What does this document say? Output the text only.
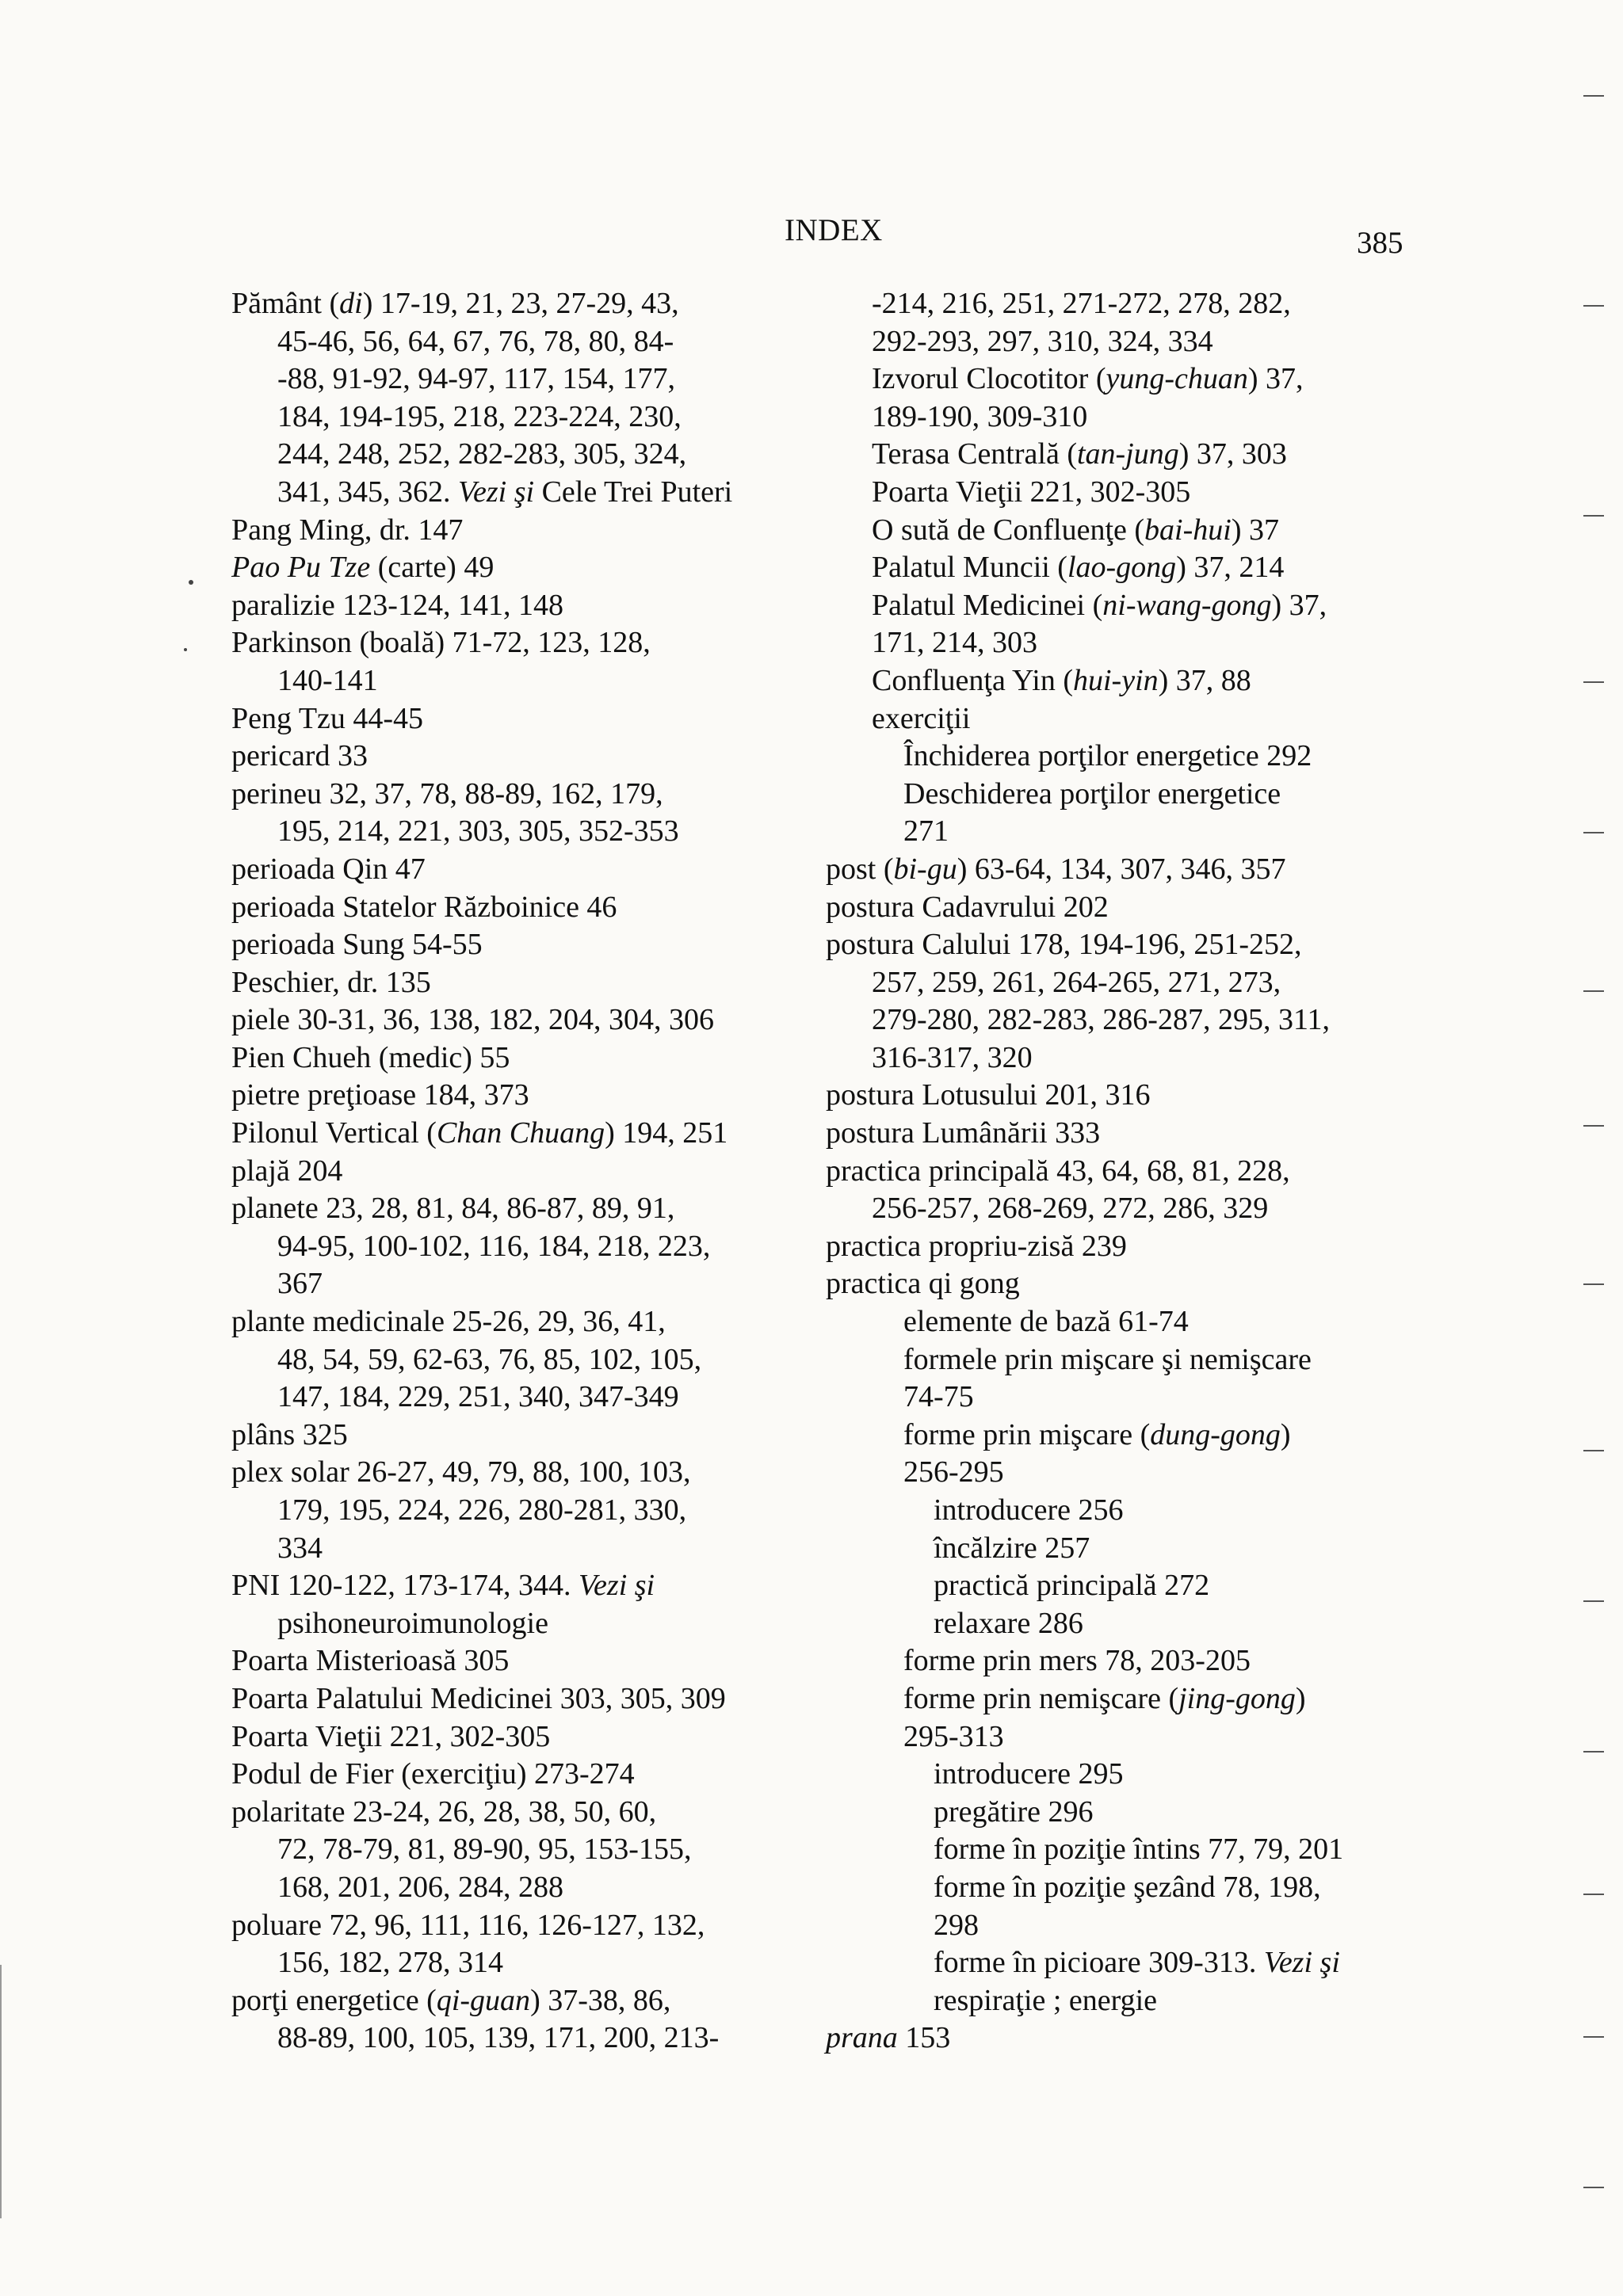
INDEX	385
Pământ (di) 17-19, 21, 23, 27-29, 43,
45-46, 56, 64, 67, 76, 78, 80, 84-
-88, 91-92, 94-97, 117, 154, 177,
184, 194-195, 218, 223-224, 230,
244, 248, 252, 282-283, 305, 324,
341, 345, 362. Vezi şi Cele Trei Puteri
Pang Ming, dr. 147
Pao Pu Tze (carte) 49
paralizie 123-124, 141, 148
Parkinson (boală) 71-72, 123, 128,
140-141
Peng Tzu 44-45
pericard 33
perineu 32, 37, 78, 88-89, 162, 179,
195, 214, 221, 303, 305, 352-353
perioada Qin 47
perioada Statelor Războinice 46
perioada Sung 54-55
Peschier, dr. 135
piele 30-31, 36, 138, 182, 204, 304, 306
Pien Chueh (medic) 55
pietre preţioase 184, 373
Pilonul Vertical (Chan Chuang) 194, 251
plajă 204
planete 23, 28, 81, 84, 86-87, 89, 91,
94-95, 100-102, 116, 184, 218, 223,
367
plante medicinale 25-26, 29, 36, 41,
48, 54, 59, 62-63, 76, 85, 102, 105,
147, 184, 229, 251, 340, 347-349
plâns 325
plex solar 26-27, 49, 79, 88, 100, 103,
179, 195, 224, 226, 280-281, 330,
334
PNI 120-122, 173-174, 344. Vezi şi
psihoneuroimunologie
Poarta Misterioasă 305
Poarta Palatului Medicinei 303, 305, 309
Poarta Vieţii 221, 302-305
Podul de Fier (exerciţiu) 273-274
polaritate 23-24, 26, 28, 38, 50, 60,
72, 78-79, 81, 89-90, 95, 153-155,
168, 201, 206, 284, 288
poluare 72, 96, 111, 116, 126-127, 132,
156, 182, 278, 314
porţi energetice (qi-guan) 37-38, 86,
88-89, 100, 105, 139, 171, 200, 213-
-214, 216, 251, 271-272, 278, 282,
292-293, 297, 310, 324, 334
Izvorul Clocotitor (yung-chuan) 37,
189-190, 309-310
Terasa Centrală (tan-jung) 37, 303
Poarta Vieţii 221, 302-305
O sută de Confluenţe (bai-hui) 37
Palatul Muncii (lao-gong) 37, 214
Palatul Medicinei (ni-wang-gong) 37,
171, 214, 303
Confluenţa Yin (hui-yin) 37, 88
exerciţii
Închiderea porţilor energetice 292
Deschiderea porţilor energetice
271
post (bi-gu) 63-64, 134, 307, 346, 357
postura Cadavrului 202
postura Calului 178, 194-196, 251-252,
257, 259, 261, 264-265, 271, 273,
279-280, 282-283, 286-287, 295, 311,
316-317, 320
postura Lotusului 201, 316
postura Lumânării 333
practica principală 43, 64, 68, 81, 228,
256-257, 268-269, 272, 286, 329
practica propriu-zisă 239
practica qi gong
elemente de bază 61-74
formele prin mişcare şi nemişcare
74-75
forme prin mişcare (dung-gong)
256-295
introducere 256
încălzire 257
practică principală 272
relaxare 286
forme prin mers 78, 203-205
forme prin nemişcare (jing-gong)
295-313
introducere 295
pregătire 296
forme în poziţie întins 77, 79, 201
forme în poziţie şezând 78, 198,
298
forme în picioare 309-313. Vezi şi
respiraţie ; energie
prana 153
